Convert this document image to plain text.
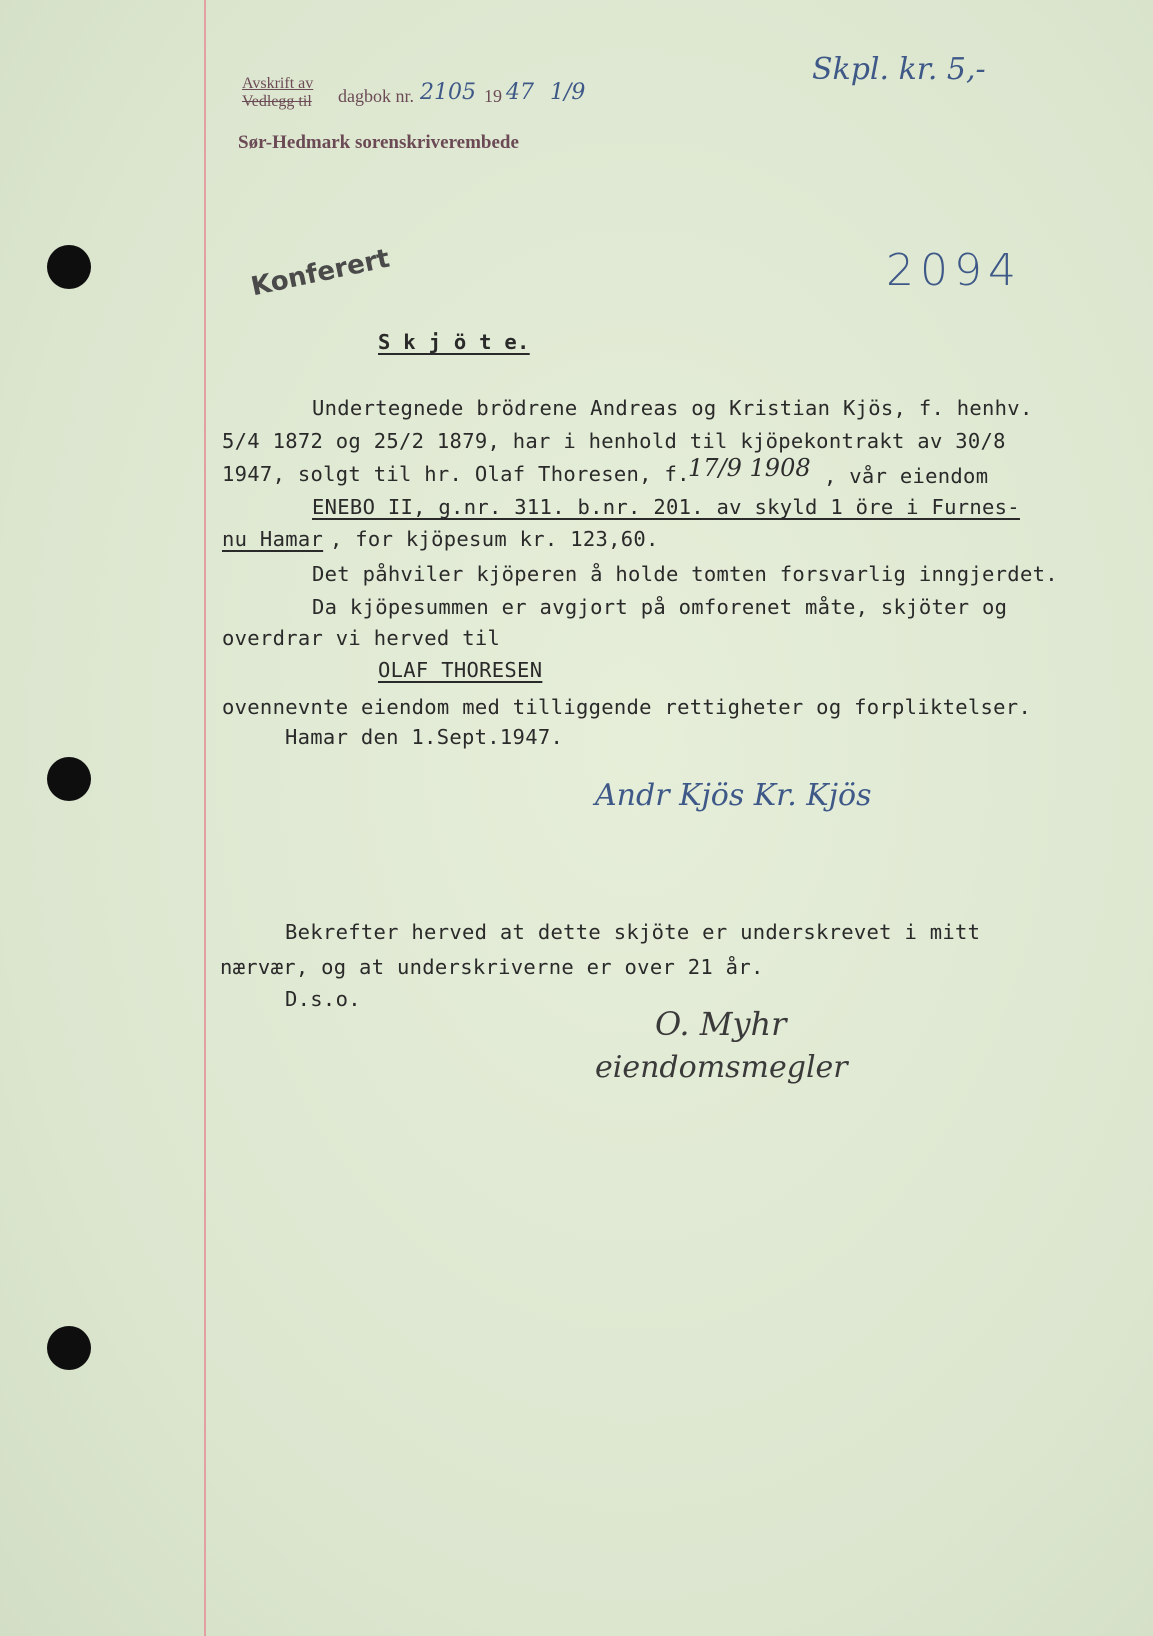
Avskrift av
Vedlegg til dagbok nr. 2105 19 47 1/9
Sør-Hedmark sorenskriverembede
Skpl. kr. 5,-
2094
Konferert
S k j ö t e.
Undertegnede brödrene Andreas og Kristian Kjös, f. henhv.
5/4 1872 og 25/2 1879, har i henhold til kjöpekontrakt av 30/8
1947, solgt til hr. Olaf Thoresen, f.
17/9 1908 , vår eiendom
ENEBO II, g.nr. 311. b.nr. 201. av skyld 1 öre i Furnes-
nu Hamar , for kjöpesum kr. 123,60.
Det påhviler kjöperen å holde tomten forsvarlig inngjerdet.
Da kjöpesummen er avgjort på omforenet måte, skjöter og
overdrar vi herved til
OLAF THORESEN
ovennevnte eiendom med tilliggende rettigheter og forpliktelser.
Hamar den 1.Sept.1947.
Andr Kjös Kr. Kjös
Bekrefter herved at dette skjöte er underskrevet i mitt
nærvær, og at underskriverne er over 21 år.
D.s.o.
O. Myhr
eiendomsmegler
